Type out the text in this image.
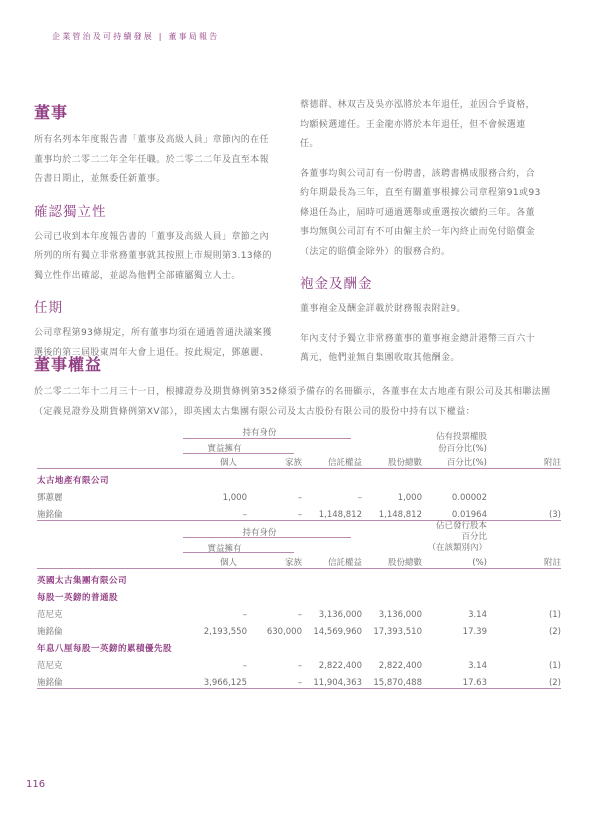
企業管治及可持續發展 | 董事局報告
董事

所有名列本年度報告書「董事及高級人員」章節內的在任董事均於二零二二年全年任職。於二零二二年及直至本報告書日期止，並無委任新董事。

確認獨立性

公司已收到本年度報告書的「董事及高級人員」章節之內所列的所有獨立非常務董事就其按照上市規則第3.13條的獨立性作出確認，並認為他們全部確屬獨立人士。

任期

公司章程第93條規定，所有董事均須在通過普通決議案獲選後的第三屆股東周年大會上退任。按此規定，鄧蕙麗、

蔡德群、林双吉及吳亦泓將於本年退任，並因合乎資格，均願候選連任。王金龍亦將於本年退任，但不會候選連任。

各董事均與公司訂有一份聘書，該聘書構成服務合約，合約年期最長為三年，直至有關董事根據公司章程第91或93條退任為止，屆時可通過選舉或重選按次續約三年。各董事均無與公司訂有不可由僱主於一年內終止而免付賠償金（法定的賠償金除外）的服務合約。

袍金及酬金

董事袍金及酬金詳載於財務報表附註9。

年內支付予獨立非常務董事的董事袍金總計港幣三百六十萬元，他們並無自集團收取其他酬金。

董事權益

於二零二二年十二月三十一日，根據證券及期貨條例第352條須予備存的名冊顯示，各董事在太古地產有限公司及其相聯法團（定義見證券及期貨條例第XV部），即英國太古集團有限公司及太古股份有限公司的股份中持有以下權益：

	持有身份				佔有投票權股份百分比(%)	
	實益擁有					
	個人	家族	信託權益	股份總數	百分比(%)	附註
太古地產有限公司						
鄧蕙麗	1,000	–	–	1,000	0.00002	
施銘倫	–	–	1,148,812	1,148,812	0.01964	(3)
	持有身份				佔已發行股本
百分比
（在該類別內）	

	實益擁有					
	個人	家族	信託權益	股份總數	(%)	附註
英國太古集團有限公司						
每股一英鎊的普通股						
范尼克	–	–	3,136,000	3,136,000	3.14	(1)
施銘倫	2,193,550	630,000	14,569,960	17,393,510	17.39	(2)
年息八厘每股一英鎊的累積優先股						
范尼克	–	–	2,822,400	2,822,400	3.14	(1)
施銘倫	3,966,125	–	11,904,363	15,870,488	17.63	(2)
116
